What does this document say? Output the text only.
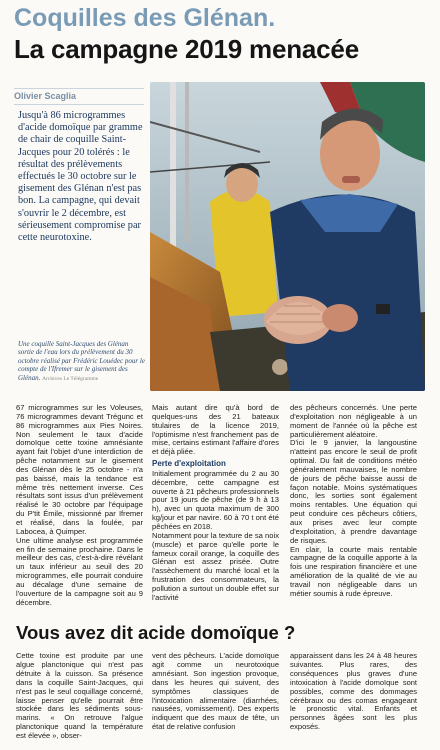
Coquilles des Glénan.
La campagne 2019 menacée
Olivier Scaglia
Jusqu'à 86 microgrammes d'acide domoïque par gramme de chair de coquille Saint-Jacques pour 20 tolérés : le résultat des prélèvements effectués le 30 octobre sur le gisement des Glénan n'est pas bon. La campagne, qui devait s'ouvrir le 2 décembre, est sérieusement compromise par cette neurotoxine.
Une coquille Saint-Jacques des Glénan sortie de l'eau lors du prélèvement du 30 octobre réalisé par Frédéric Louédec pour le compte de l'Ifremer sur le gisement des Glénan. Archives Le Télégramme

67 microgrammes sur les Voleuses, 76 microgrammes devant Trégunc et 86 microgrammes aux Pies Noires. Non seulement le taux d'acide domoïque cette toxine amnésiante ayant fait l'objet d'une interdiction de pêche notamment sur le gisement des Glénan dès le 25 octobre - n'a pas baissé, mais la tendance est même très nettement inverse. Ces résultats sont issus d'un prélèvement réalisé le 30 octobre par l'équipage du P'tit Émile, missionné par Ifremer et réalisé, dans la foulée, par Labocea, à Quimper.

Une ultime analyse est programmée en fin de semaine prochaine. Dans le meilleur des cas, c'est-à-dire révélant un taux inférieur au seuil des 20 microgrammes, elle pourrait conduire au décalage d'une semaine de l'ouverture de la campagne soit au 9 décembre.

Mais autant dire qu'à bord de quelques-uns des 21 bateaux titulaires de la licence 2019, l'optimisme n'est franchement pas de mise, certains estimant l'affaire d'ores et déjà pliée.

Perte d'exploitation

Initialement programmée du 2 au 30 décembre, cette campagne est ouverte à 21 pêcheurs professionnels pour 19 jours de pêche (de 9 h à 13 h), avec un quota maximum de 300 kg/jour et par navire. 60 à 70 t ont été pêchées en 2018.

Notamment pour la texture de sa noix (muscle) et parce qu'elle porte le fameux corail orange, la coquille des Glénan est assez prisée. Outre l'assèchement du marché local et la frustration des consommateurs, la pollution a surtout un double effet sur l'activité

des pêcheurs concernés. Une perte d'exploitation non négligeable à un moment de l'année où la pêche est particulièrement aléatoire.

D'ici le 9 janvier, la langoustine n'atteint pas encore le seuil de profit optimal. Du fait de conditions météo généralement mauvaises, le nombre de jours de pêche baisse aussi de façon notable. Moins systématiques donc, les sorties sont également moins rentables. Une équation qui peut conduire ces pêcheurs côtiers, aux prises avec leur compte d'exploitation, à prendre davantage de risques.

En clair, la courte mais rentable campagne de la coquille apporte à la fois une respiration financière et une amélioration de la qualité de vie au travail non négligeable dans un métier soumis à rude épreuve.

Vous avez dit acide domoïque ?
Cette toxine est produite par une algue planctonique qui n'est pas détruite à la cuisson. Sa présence dans la coquille Saint-Jacques, qui n'est pas le seul coquillage concerné, laisse penser qu'elle pourrait être stockée dans les sédiments sous-marins. « On retrouve l'algue planctonique quand la température est élevée », obser-
vent des pêcheurs. L'acide domoïque agit comme un neurotoxique amnésiant. Son ingestion provoque, dans les heures qui suivent, des symptômes classiques de l'intoxication alimentaire (diarrhées, nausées, vomissement). Des experts indiquent que des maux de tête, un état de relative confusion
apparaissent dans les 24 à 48 heures suivantes. Plus rares, des conséquences plus graves d'une intoxication à l'acide domoïque sont possibles, comme des dommages cérébraux ou des comas engageant le pronostic vital. Enfants et personnes âgées sont les plus exposés.
